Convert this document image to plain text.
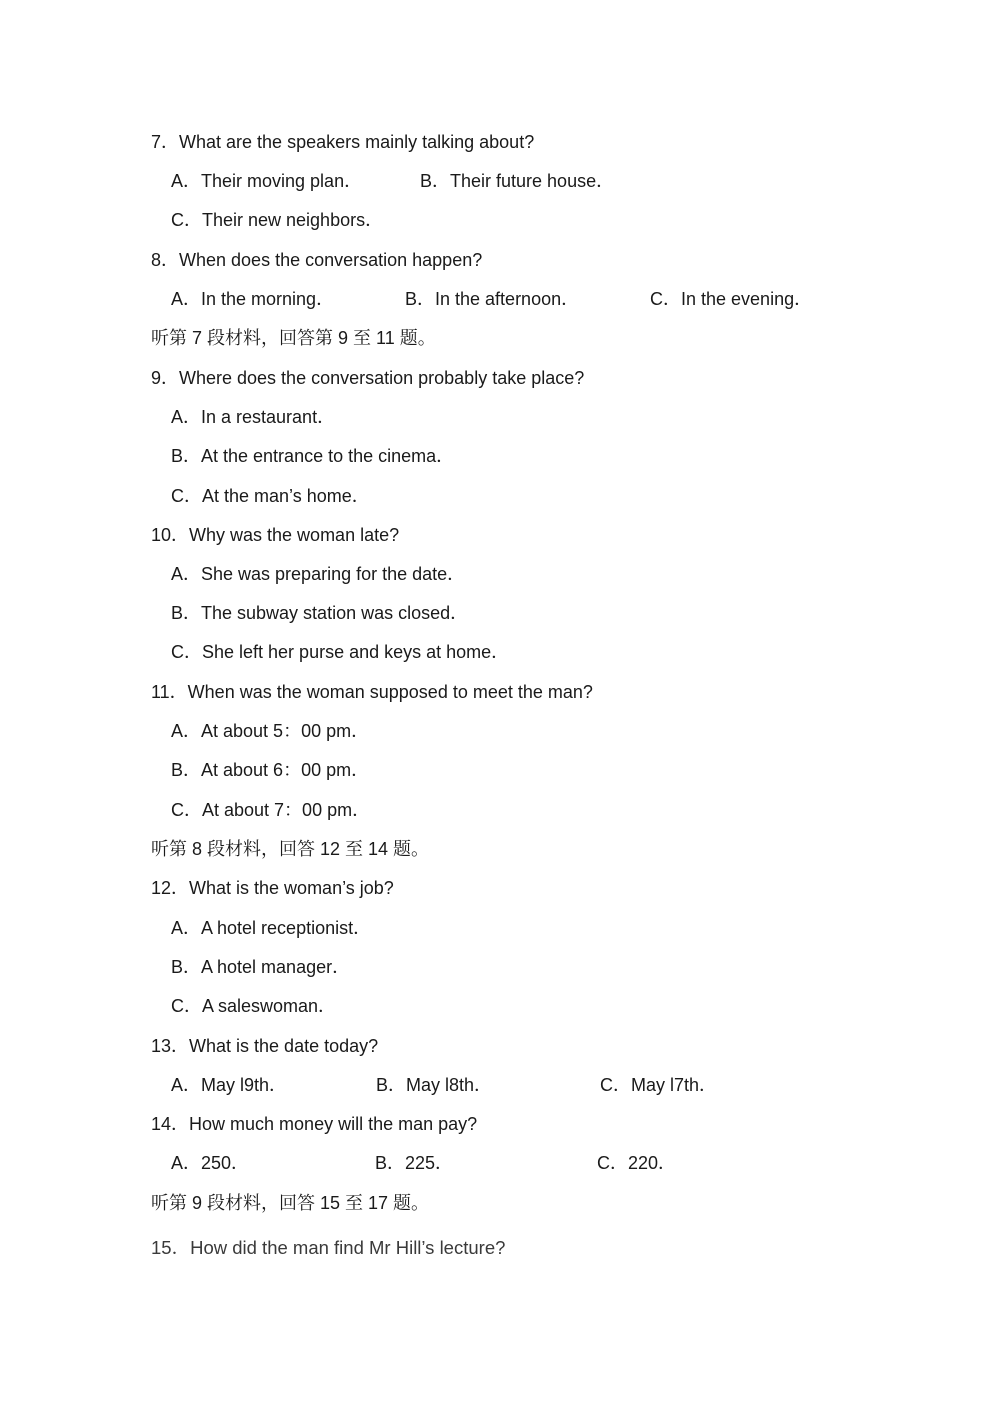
7．What are the speakers mainly talking about?
A．Their moving plan．	B．Their future house．
C．Their new neighbors．
8．When does the conversation happen?
A．In the morning．	B．In the afternoon．	C．In the evening．
听第 7 段材料，回答第 9 至 11 题。
9．Where does the conversation probably take place?
A．In a restaurant．
B．At the entrance to the cinema．
C．At the man’s home．
10．Why was the woman late?
A．She was preparing for the date．
B．The subway station was closed．
C．She left her purse and keys at home．
11．When was the woman supposed to meet the man?
A．At about 5：00 pm．
B．At about 6：00 pm．
C．At about 7：00 pm．
听第 8 段材料，回答 12 至 14 题。
12．What is the woman’s job?
A．A hotel receptionist．
B．A hotel manager．
C．A saleswoman．
13．What is the date today?
A．May l9th．	B．May l8th．	C．May l7th．
14．How much money will the man pay?
A．250．	B．225．	C．220．
听第 9 段材料，回答 15 至 17 题。
15．How did the man find Mr Hill’s lecture?
